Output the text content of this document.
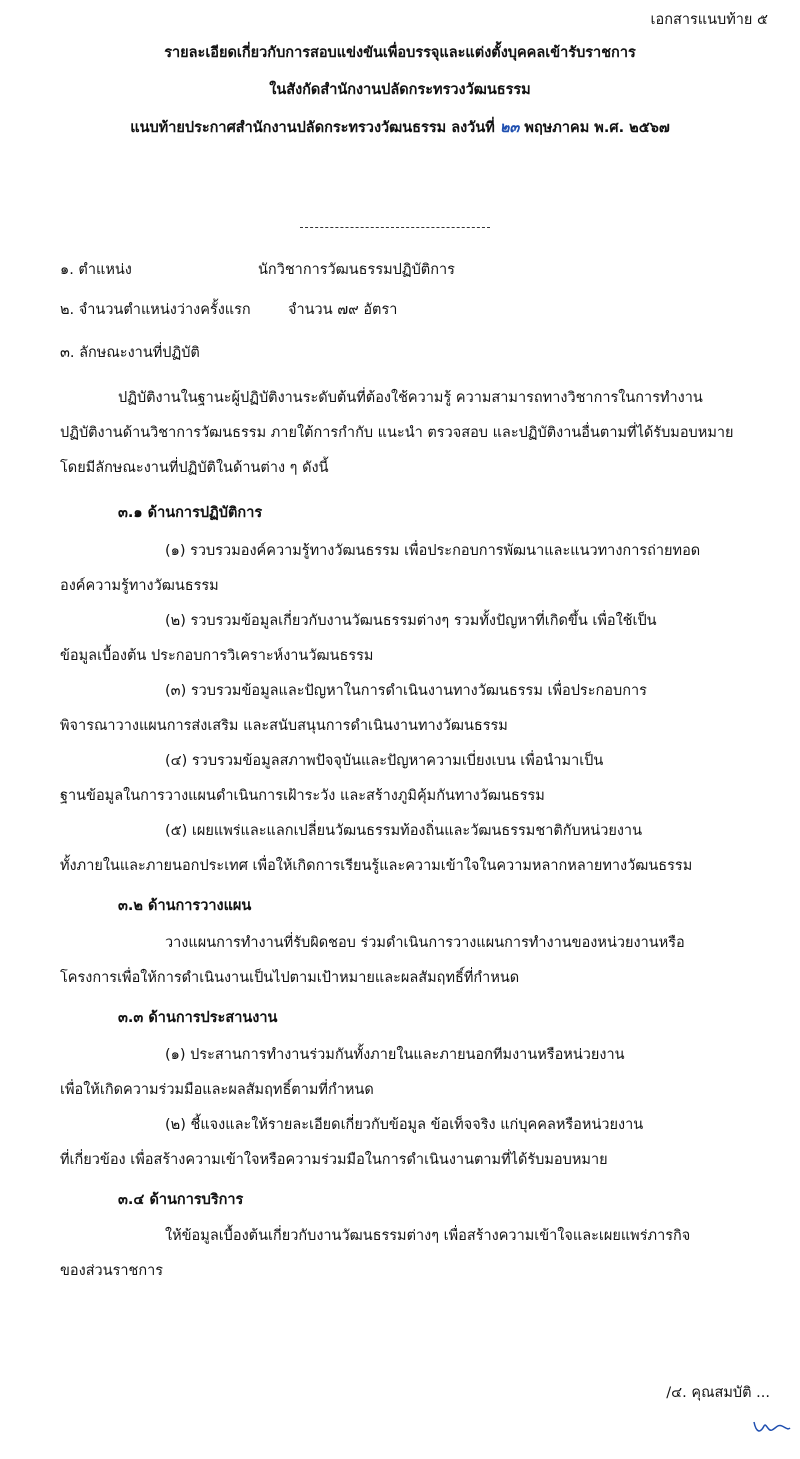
เอกสารแนบท้าย ๕
รายละเอียดเกี่ยวกับการสอบแข่งขันเพื่อบรรจุและแต่งตั้งบุคคลเข้ารับราชการ
ในสังกัดสำนักงานปลัดกระทรวงวัฒนธรรม
แนบท้ายประกาศสำนักงานปลัดกระทรวงวัฒนธรรม ลงวันที่ ๒๓ พฤษภาคม พ.ศ. ๒๕๖๗
๑. ตำแหน่ง	นักวิชาการวัฒนธรรมปฏิบัติการ
๒. จำนวนตำแหน่งว่างครั้งแรก	จำนวน ๗๙ อัตรา
๓. ลักษณะงานที่ปฏิบัติ
ปฏิบัติงานในฐานะผู้ปฏิบัติงานระดับต้นที่ต้องใช้ความรู้ ความสามารถทางวิชาการในการทำงาน
ปฏิบัติงานด้านวิชาการวัฒนธรรม ภายใต้การกำกับ แนะนำ ตรวจสอบ และปฏิบัติงานอื่นตามที่ได้รับมอบหมาย
โดยมีลักษณะงานที่ปฏิบัติในด้านต่าง ๆ ดังนี้
๓.๑ ด้านการปฏิบัติการ
(๑) รวบรวมองค์ความรู้ทางวัฒนธรรม เพื่อประกอบการพัฒนาและแนวทางการถ่ายทอด
องค์ความรู้ทางวัฒนธรรม
(๒) รวบรวมข้อมูลเกี่ยวกับงานวัฒนธรรมต่างๆ รวมทั้งปัญหาที่เกิดขึ้น เพื่อใช้เป็น
ข้อมูลเบื้องต้น ประกอบการวิเคราะห์งานวัฒนธรรม
(๓) รวบรวมข้อมูลและปัญหาในการดำเนินงานทางวัฒนธรรม เพื่อประกอบการ
พิจารณาวางแผนการส่งเสริม และสนับสนุนการดำเนินงานทางวัฒนธรรม
(๔) รวบรวมข้อมูลสภาพปัจจุบันและปัญหาความเบี่ยงเบน เพื่อนำมาเป็น
ฐานข้อมูลในการวางแผนดำเนินการเฝ้าระวัง และสร้างภูมิคุ้มกันทางวัฒนธรรม
(๕) เผยแพร่และแลกเปลี่ยนวัฒนธรรมท้องถิ่นและวัฒนธรรมชาติกับหน่วยงาน
ทั้งภายในและภายนอกประเทศ เพื่อให้เกิดการเรียนรู้และความเข้าใจในความหลากหลายทางวัฒนธรรม
๓.๒ ด้านการวางแผน
วางแผนการทำงานที่รับผิดชอบ ร่วมดำเนินการวางแผนการทำงานของหน่วยงานหรือ
โครงการเพื่อให้การดำเนินงานเป็นไปตามเป้าหมายและผลสัมฤทธิ์ที่กำหนด
๓.๓ ด้านการประสานงาน
(๑) ประสานการทำงานร่วมกันทั้งภายในและภายนอกทีมงานหรือหน่วยงาน
เพื่อให้เกิดความร่วมมือและผลสัมฤทธิ์ตามที่กำหนด
(๒) ชี้แจงและให้รายละเอียดเกี่ยวกับข้อมูล ข้อเท็จจริง แก่บุคคลหรือหน่วยงาน
ที่เกี่ยวข้อง เพื่อสร้างความเข้าใจหรือความร่วมมือในการดำเนินงานตามที่ได้รับมอบหมาย
๓.๔ ด้านการบริการ
ให้ข้อมูลเบื้องต้นเกี่ยวกับงานวัฒนธรรมต่างๆ เพื่อสร้างความเข้าใจและเผยแพร่ภารกิจ
ของส่วนราชการ
/๔. คุณสมบัติ ...
